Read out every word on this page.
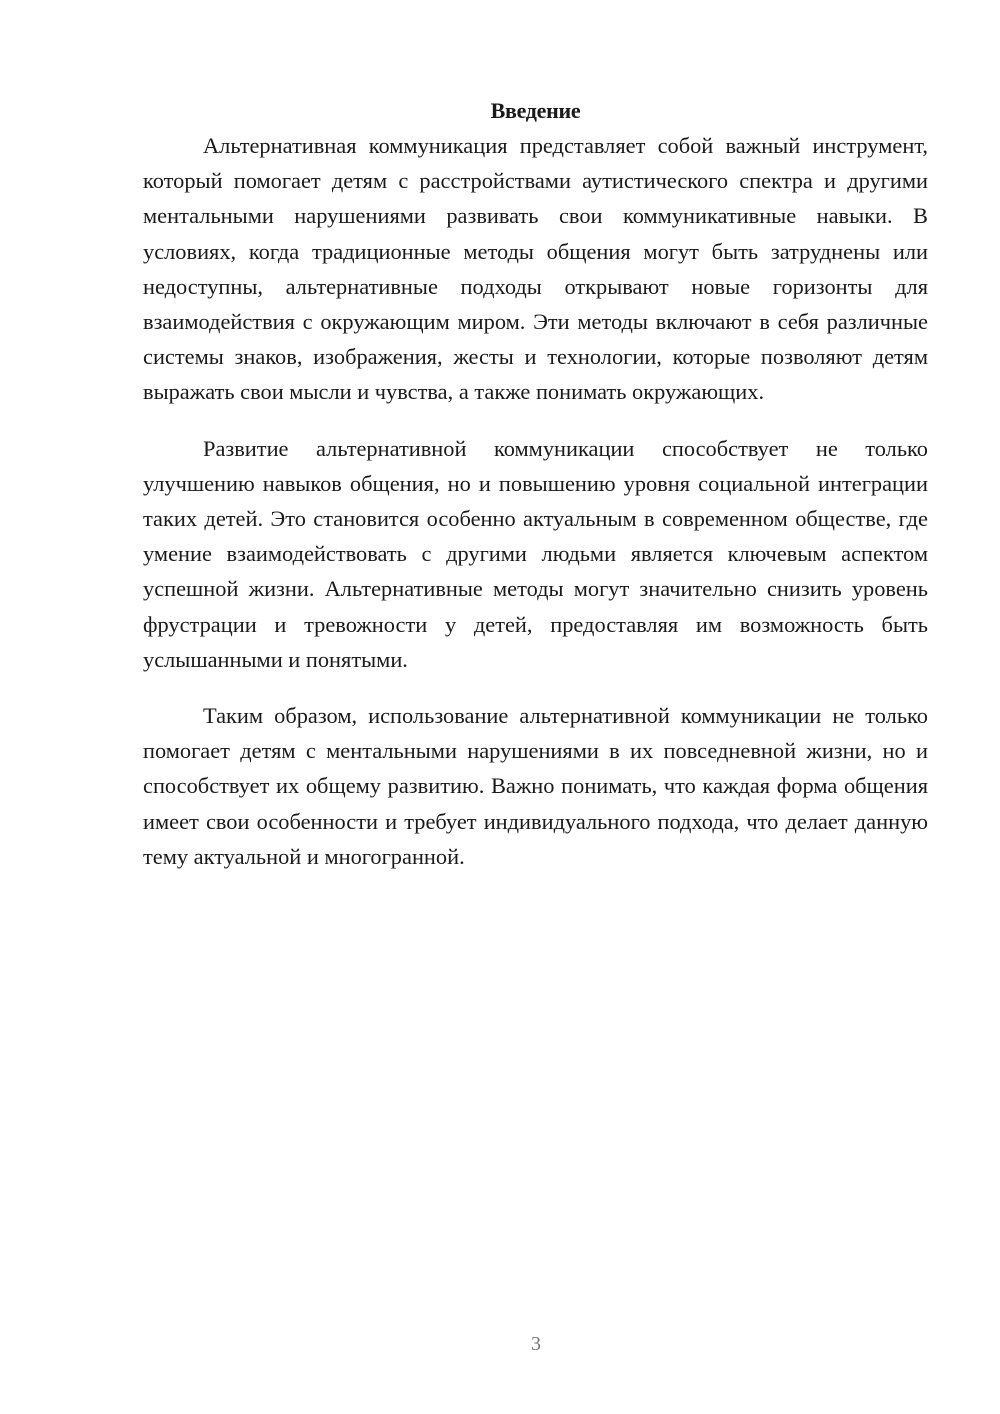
Введение

Альтернативная коммуникация представляет собой важный инструмент, который помогает детям с расстройствами аутистического спектра и другими ментальными нарушениями развивать свои коммуникативные навыки. В условиях, когда традиционные методы общения могут быть затруднены или недоступны, альтернативные подходы открывают новые горизонты для взаимодействия с окружающим миром. Эти методы включают в себя различные системы знаков, изображения, жесты и технологии, которые позволяют детям выражать свои мысли и чувства, а также понимать окружающих.

Развитие альтернативной коммуникации способствует не только улучшению навыков общения, но и повышению уровня социальной интеграции таких детей. Это становится особенно актуальным в современном обществе, где умение взаимодействовать с другими людьми является ключевым аспектом успешной жизни. Альтернативные методы могут значительно снизить уровень фрустрации и тревожности у детей, предоставляя им возможность быть услышанными и понятыми.

Таким образом, использование альтернативной коммуникации не только помогает детям с ментальными нарушениями в их повседневной жизни, но и способствует их общему развитию. Важно понимать, что каждая форма общения имеет свои особенности и требует индивидуального подхода, что делает данную тему актуальной и многогранной.

3
